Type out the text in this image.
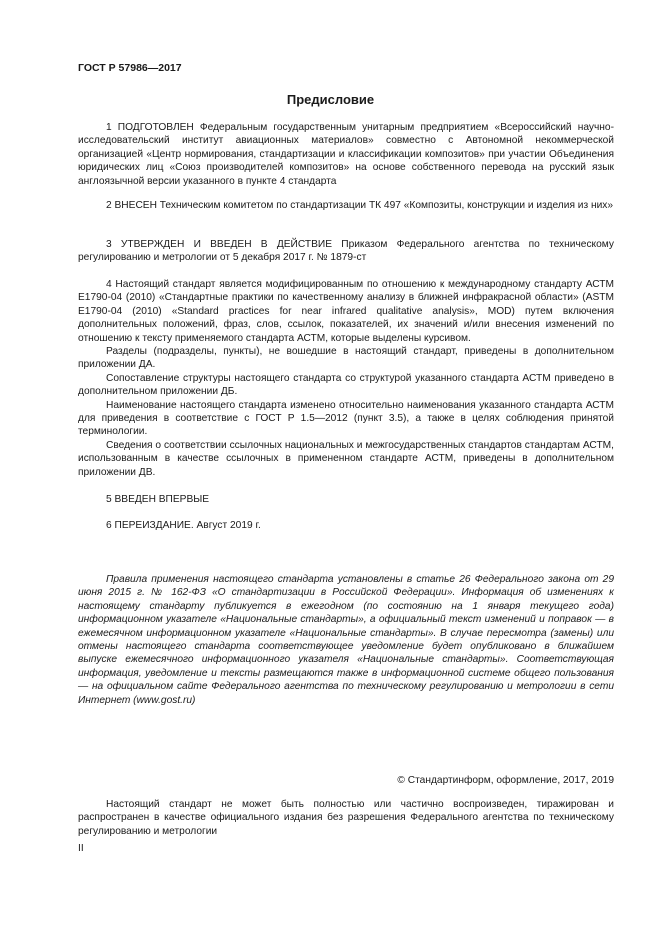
ГОСТ Р 57986—2017
Предисловие

1 ПОДГОТОВЛЕН Федеральным государственным унитарным предприятием «Всероссийский научно-исследовательский институт авиационных материалов» совместно с Автономной некоммерческой организацией «Центр нормирования, стандартизации и классификации композитов» при участии Объединения юридических лиц «Союз производителей композитов» на основе собственного перевода на русский язык англоязычной версии указанного в пункте 4 стандарта

2 ВНЕСЕН Техническим комитетом по стандартизации ТК 497 «Композиты, конструкции и изделия из них»

3 УТВЕРЖДЕН И ВВЕДЕН В ДЕЙСТВИЕ Приказом Федерального агентства по техническому регулированию и метрологии от 5 декабря 2017 г. № 1879-ст

4 Настоящий стандарт является модифицированным по отношению к международному стандарту АСТМ Е1790-04 (2010) «Стандартные практики по качественному анализу в ближней инфракрасной области» (ASTM E1790-04 (2010) «Standard practices for near infrared qualitative analysis», MOD) путем включения дополнительных положений, фраз, слов, ссылок, показателей, их значений и/или внесения изменений по отношению к тексту применяемого стандарта АСТМ, которые выделены курсивом.

Разделы (подразделы, пункты), не вошедшие в настоящий стандарт, приведены в дополнительном приложении ДА.

Сопоставление структуры настоящего стандарта со структурой указанного стандарта АСТМ приведено в дополнительном приложении ДБ.

Наименование настоящего стандарта изменено относительно наименования указанного стандарта АСТМ для приведения в соответствие с ГОСТ Р 1.5—2012 (пункт 3.5), а также в целях соблюдения принятой терминологии.

Сведения о соответствии ссылочных национальных и межгосударственных стандартов стандартам АСТМ, использованным в качестве ссылочных в примененном стандарте АСТМ, приведены в дополнительном приложении ДВ.

5 ВВЕДЕН ВПЕРВЫЕ

6 ПЕРЕИЗДАНИЕ. Август 2019 г.

Правила применения настоящего стандарта установлены в статье 26 Федерального закона от 29 июня 2015 г. № 162-ФЗ «О стандартизации в Российской Федерации». Информация об изменениях к настоящему стандарту публикуется в ежегодном (по состоянию на 1 января текущего года) информационном указателе «Национальные стандарты», а официальный текст изменений и поправок — в ежемесячном информационном указателе «Национальные стандарты». В случае пересмотра (замены) или отмены настоящего стандарта соответствующее уведомление будет опубликовано в ближайшем выпуске ежемесячного информационного указателя «Национальные стандарты». Соответствующая информация, уведомление и тексты размещаются также в информационной системе общего пользования — на официальном сайте Федерального агентства по техническому регулированию и метрологии в сети Интернет (www.gost.ru)

© Стандартинформ, оформление, 2017, 2019

Настоящий стандарт не может быть полностью или частично воспроизведен, тиражирован и распространен в качестве официального издания без разрешения Федерального агентства по техническому регулированию и метрологии

II
